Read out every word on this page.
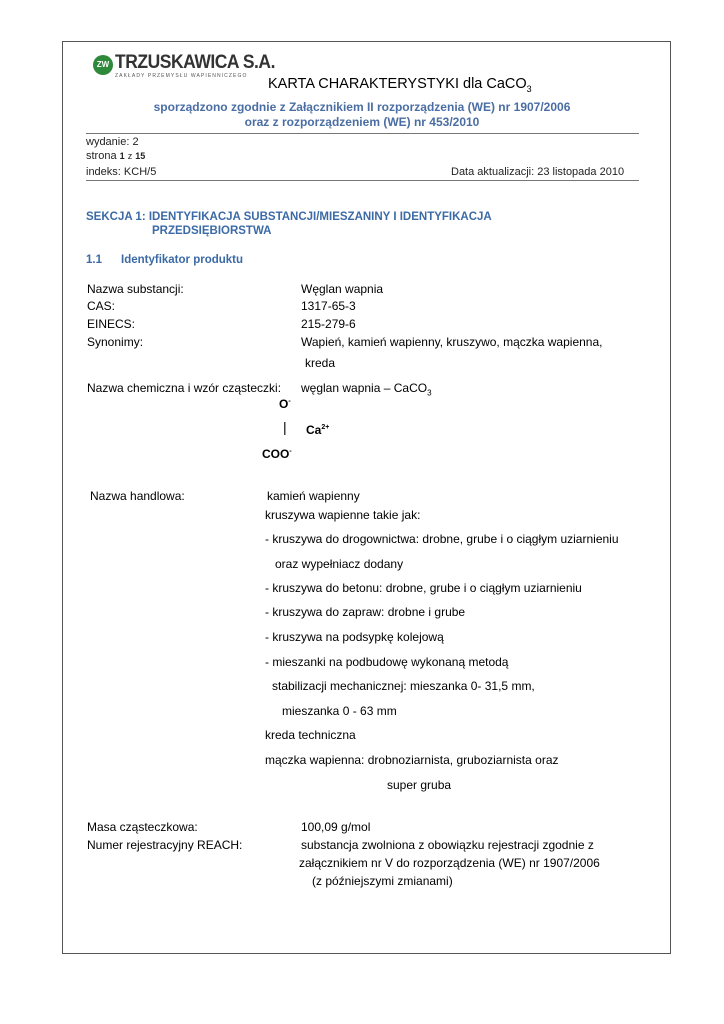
ZW TRZUSKAWICA S.A.
ZAKŁADY PRZEMYSŁU WAPIENNICZEGO KARTA CHARAKTERYSTYKI dla CaCO$_3$
sporządzono zgodnie z Załącznikiem II rozporządzenia (WE) nr 1907/2006
oraz z rozporządzeniem (WE) nr 453/2010
wydanie: 2
strona 1 z 15
indeks: KCH/5	Data aktualizacji: 23 listopada 2010
SEKCJA 1: IDENTYFIKACJA SUBSTANCJI/MIESZANINY I IDENTYFIKACJA
PRZEDSIĘBIORSTWA
1.1 Identyfikator produktu
Nazwa substancji:	Węglan wapnia
CAS:	1317-65-3
EINECS:	215-279-6
Synonimy:	Wapień, kamień wapienny, kruszywo, mączka wapienna,
kreda
Nazwa chemiczna i wzór cząsteczki: węglan wapnia – CaCO$_3$
O-
| $Ca^{2+}$
COO-
Nazwa handlowa:	kamień wapienny
kruszywa wapienne takie jak:
- kruszywa do drogownictwa: drobne, grube i o ciągłym uziarnieniu
oraz wypełniacz dodany
- kruszywa do betonu: drobne, grube i o ciągłym uziarnieniu
- kruszywa do zapraw: drobne i grube
- kruszywa na podsypkę kolejową
- mieszanki na podbudowę wykonaną metodą
stabilizacji mechanicznej: mieszanka 0- 31,5 mm,
mieszanka 0 - 63 mm
kreda techniczna
mączka wapienna: drobnoziarnista, gruboziarnista oraz
super gruba
Masa cząsteczkowa:	100,09 g/mol
Numer rejestracyjny REACH:	substancja zwolniona z obowiązku rejestracji zgodnie z
załącznikiem nr V do rozporządzenia (WE) nr 1907/2006
(z późniejszymi zmianami)
